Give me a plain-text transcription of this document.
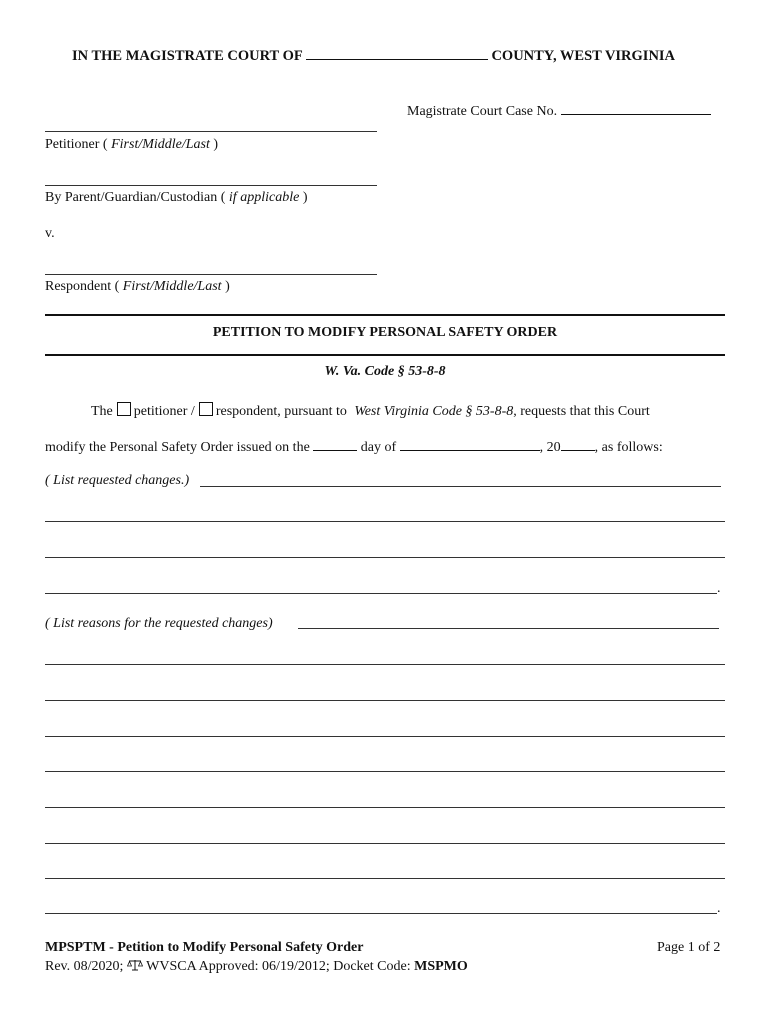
IN THE MAGISTRATE COURT OF	COUNTY, WEST VIRGINIA
Magistrate Court Case No.
Petitioner ( First/Middle/Last )
By Parent/Guardian/Custodian ( if applicable )
v.
Respondent ( First/Middle/Last )
PETITION TO MODIFY PERSONAL SAFETY ORDER
W. Va. Code § 53-8-8
The petitioner / respondent, pursuant to West Virginia Code § 53-8-8, requests that this Court
modify the Personal Safety Order issued on the	day of	, 20 , as follows:
( List requested changes.)
.
( List reasons for the requested changes)
.
MPSPTM - Petition to Modify Personal Safety Order	Page 1 of 2
Rev. 08/2020; WVSCA Approved: 06/19/2012; Docket Code: MSPMO
